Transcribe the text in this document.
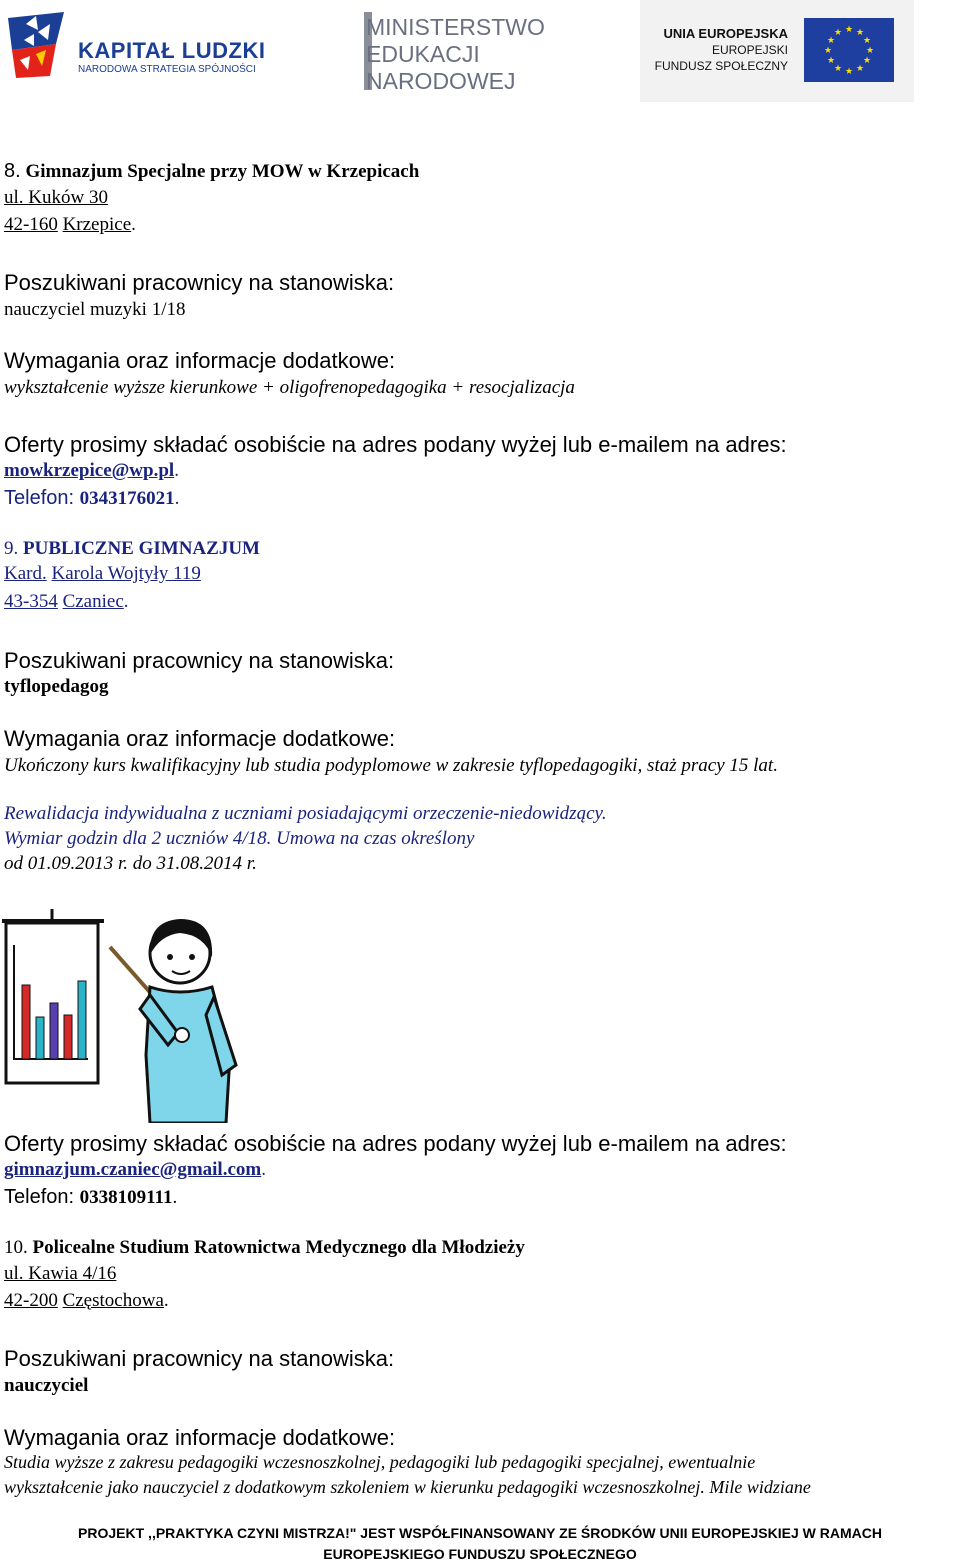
KAPITAŁ LUDZKI
NARODOWA STRATEGIA SPÓJNOŚCI
MINISTERSTWO
EDUKACJI
NARODOWEJ
UNIA EUROPEJSKA
EUROPEJSKI
FUNDUSZ SPOŁECZNY
★ ★
★
★
★
★
★
★
★
★
★
★
8. Gimnazjum Specjalne przy MOW w Krzepicach
ul. Kuków 30
42-160 Krzepice.
Poszukiwani pracownicy na stanowiska:
nauczyciel muzyki 1/18
Wymagania oraz informacje dodatkowe:
wykształcenie wyższe kierunkowe + oligofrenopedagogika + resocjalizacja
Oferty prosimy składać osobiście na adres podany wyżej lub e-mailem na adres:
mowkrzepice@wp.pl.
Telefon: 0343176021.
9. PUBLICZNE GIMNAZJUM
Kard. Karola Wojtyły 119
43-354 Czaniec.
Poszukiwani pracownicy na stanowiska:
tyflopedagog
Wymagania oraz informacje dodatkowe:
Ukończony kurs kwalifikacyjny lub studia podyplomowe w zakresie tyflopedagogiki, staż pracy 15 lat.
Rewalidacja indywidualna z uczniami posiadającymi orzeczenie-niedowidzący.
Wymiar godzin dla 2 uczniów 4/18. Umowa na czas określony
od 01.09.2013 r. do 31.08.2014 r.
Oferty prosimy składać osobiście na adres podany wyżej lub e-mailem na adres:
gimnazjum.czaniec@gmail.com.
Telefon: 0338109111.
10. Policealne Studium Ratownictwa Medycznego dla Młodzieży
ul. Kawia 4/16
42-200 Częstochowa.
Poszukiwani pracownicy na stanowiska:
nauczyciel
Wymagania oraz informacje dodatkowe:
Studia wyższe z zakresu pedagogiki wczesnoszkolnej, pedagogiki lub pedagogiki specjalnej, ewentualnie
wykształcenie jako nauczyciel z dodatkowym szkoleniem w kierunku pedagogiki wczesnoszkolnej. Mile widziane
PROJEKT ,,PRAKTYKA CZYNI MISTRZA!" JEST WSPÓŁFINANSOWANY ZE ŚRODKÓW UNII EUROPEJSKIEJ W RAMACH
EUROPEJSKIEGO FUNDUSZU SPOŁECZNEGO
